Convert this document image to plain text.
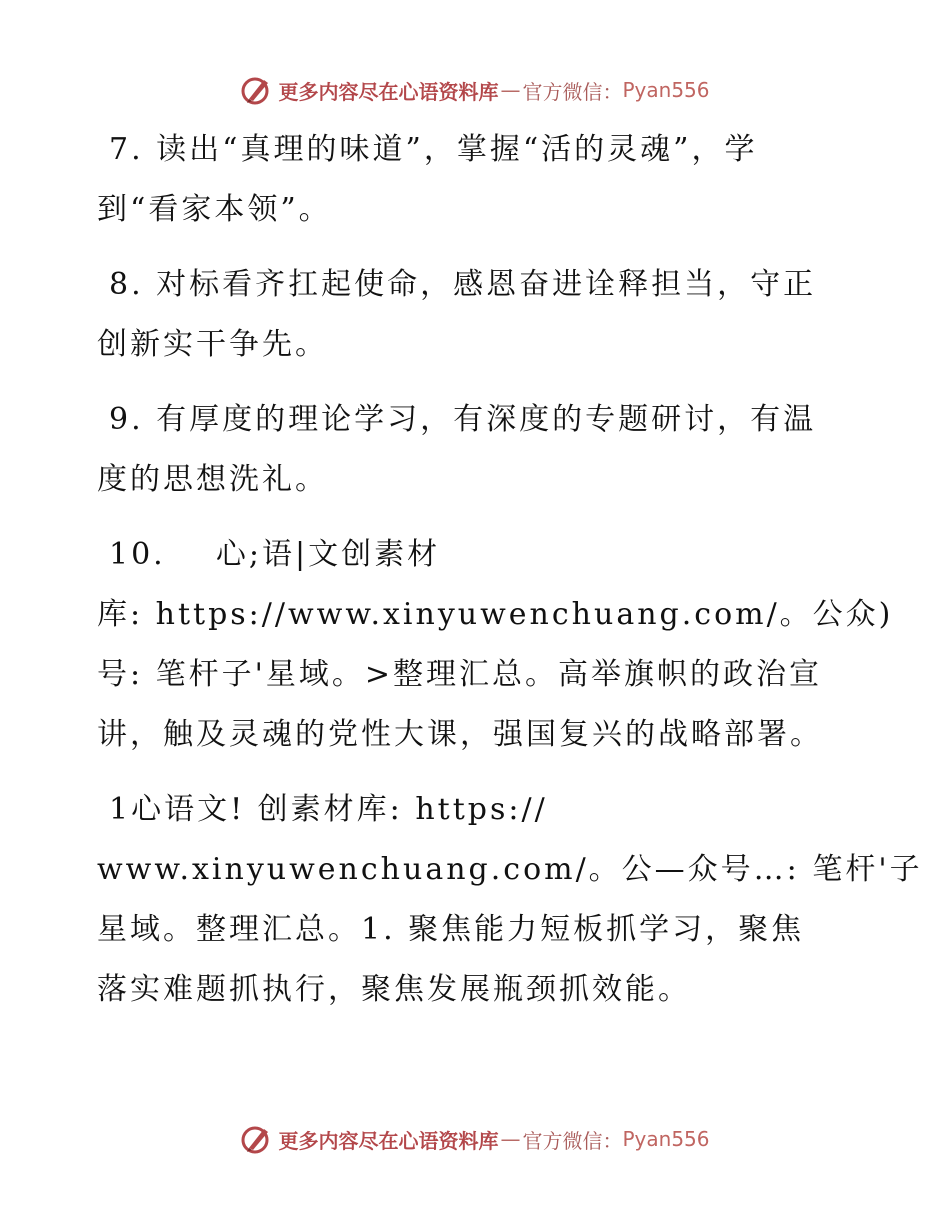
更多内容尽在心语资料库 — 官方微信： Pyan556
7. 读出“真理的味道”，掌握“活的灵魂”，学
到“看家本领”。
8. 对标看齐扛起使命，感恩奋进诠释担当，守正
创新实干争先。
9. 有厚度的理论学习，有深度的专题研讨，有温
度的思想洗礼。
10.    心;语|文创素材
库: https://www.xinyuwenchuang.com/。公众)
号: 笔杆子'星域。>整理汇总。高举旗帜的政治宣
讲，触及灵魂的党性大课，强国复兴的战略部署。
1心语文! 创素材库: https://
www.xinyuwenchuang.com/。公—众号…: 笔杆'子
星域。整理汇总。1. 聚焦能力短板抓学习，聚焦
落实难题抓执行，聚焦发展瓶颈抓效能。
更多内容尽在心语资料库 — 官方微信： Pyan556
